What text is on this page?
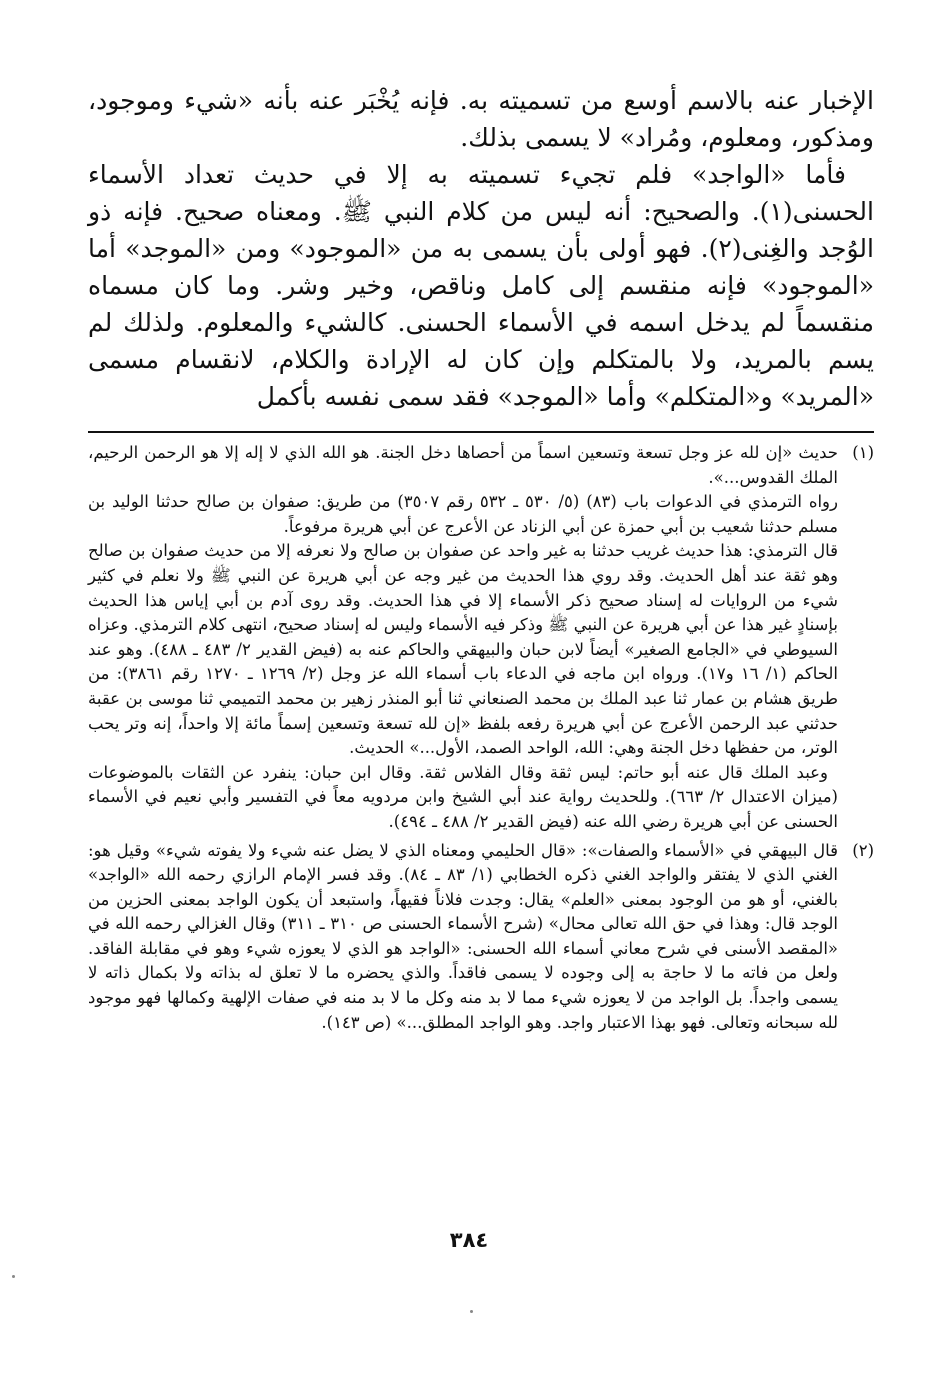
الإخبار عنه بالاسم أوسع من تسميته به. فإنه يُخْبَر عنه بأنه «شيء وموجود، ومذكور، ومعلوم، ومُراد» لا يسمى بذلك.

فأما «الواجد» فلم تجيء تسميته به إلا في حديث تعداد الأسماء الحسنى(١). والصحيح: أنه ليس من كلام النبي ﷺ. ومعناه صحيح. فإنه ذو الوُجد والغِنى(٢). فهو أولى بأن يسمى به من «الموجود» ومن «الموجد» أما «الموجود» فإنه منقسم إلى كامل وناقص، وخير وشر. وما كان مسماه منقسماً لم يدخل اسمه في الأسماء الحسنى. كالشيء والمعلوم. ولذلك لم يسم بالمريد، ولا بالمتكلم وإن كان له الإرادة والكلام، لانقسام مسمى «المريد» و«المتكلم» وأما «الموجد» فقد سمى نفسه بأكمل

(١)

حديث «إن لله عز وجل تسعة وتسعين اسماً من أحصاها دخل الجنة. هو الله الذي لا إله إلا هو الرحمن الرحيم، الملك القدوس...».

رواه الترمذي في الدعوات باب (٨٣) (٥/ ٥٣٠ ـ ٥٣٢ رقم ٣٥٠٧) من طريق: صفوان بن صالح حدثنا الوليد بن مسلم حدثنا شعيب بن أبي حمزة عن أبي الزناد عن الأعرج عن أبي هريرة مرفوعاً.

قال الترمذي: هذا حديث غريب حدثنا به غير واحد عن صفوان بن صالح ولا نعرفه إلا من حديث صفوان بن صالح وهو ثقة عند أهل الحديث. وقد روي هذا الحديث من غير وجه عن أبي هريرة عن النبي ﷺ ولا نعلم في كثير شيء من الروايات له إسناد صحيح ذكر الأسماء إلا في هذا الحديث. وقد روى آدم بن أبي إياس هذا الحديث بإسنادٍ غير هذا عن أبي هريرة عن النبي ﷺ وذكر فيه الأسماء وليس له إسناد صحيح، انتهى كلام الترمذي. وعزاه السيوطي في «الجامع الصغير» أيضاً لابن حبان والبيهقي والحاكم عنه به (فيض القدير ٢/ ٤٨٣ ـ ٤٨٨). وهو عند الحاكم (١/ ١٦ و١٧). ورواه ابن ماجه في الدعاء باب أسماء الله عز وجل (٢/ ١٢٦٩ ـ ١٢٧٠ رقم ٣٨٦١): من طريق هشام بن عمار ثنا عبد الملك بن محمد الصنعاني ثنا أبو المنذر زهير بن محمد التميمي ثنا موسى بن عقبة حدثني عبد الرحمن الأعرج عن أبي هريرة رفعه بلفظ «إن لله تسعة وتسعين إسماً مائة إلا واحداً، إنه وتر يحب الوتر، من حفظها دخل الجنة وهي: الله، الواحد الصمد، الأول...» الحديث.

وعبد الملك قال عنه أبو حاتم: ليس ثقة وقال الفلاس ثقة. وقال ابن حبان: ينفرد عن الثقات بالموضوعات (ميزان الاعتدال ٢/ ٦٦٣). وللحديث رواية عند أبي الشيخ وابن مردويه معاً في التفسير وأبي نعيم في الأسماء الحسنى عن أبي هريرة رضي الله عنه (فيض القدير ٢/ ٤٨٨ ـ ٤٩٤).

(٢)

قال البيهقي في «الأسماء والصفات»: «قال الحليمي ومعناه الذي لا يضل عنه شيء ولا يفوته شيء» وقيل هو: الغني الذي لا يفتقر والواجد الغني ذكره الخطابي (١/ ٨٣ ـ ٨٤). وقد فسر الإمام الرازي رحمه الله «الواجد» بالغني، أو هو من الوجود بمعنى «العلم» يقال: وجدت فلاناً فقيهاً، واستبعد أن يكون الواجد بمعنى الحزين من الوجد قال: وهذا في حق الله تعالى محال» (شرح الأسماء الحسنى ص ٣١٠ ـ ٣١١) وقال الغزالي رحمه الله في «المقصد الأسنى في شرح معاني أسماء الله الحسنى: «الواجد هو الذي لا يعوزه شيء وهو في مقابلة الفاقد. ولعل من فاته ما لا حاجة به إلى وجوده لا يسمى فاقداً. والذي يحضره ما لا تعلق له بذاته ولا بكمال ذاته لا يسمى واجداً. بل الواجد من لا يعوزه شيء مما لا بد منه وكل ما لا بد منه في صفات الإلهية وكمالها فهو موجود لله سبحانه وتعالى. فهو بهذا الاعتبار واجد. وهو الواجد المطلق...» (ص ١٤٣).

٣٨٤
